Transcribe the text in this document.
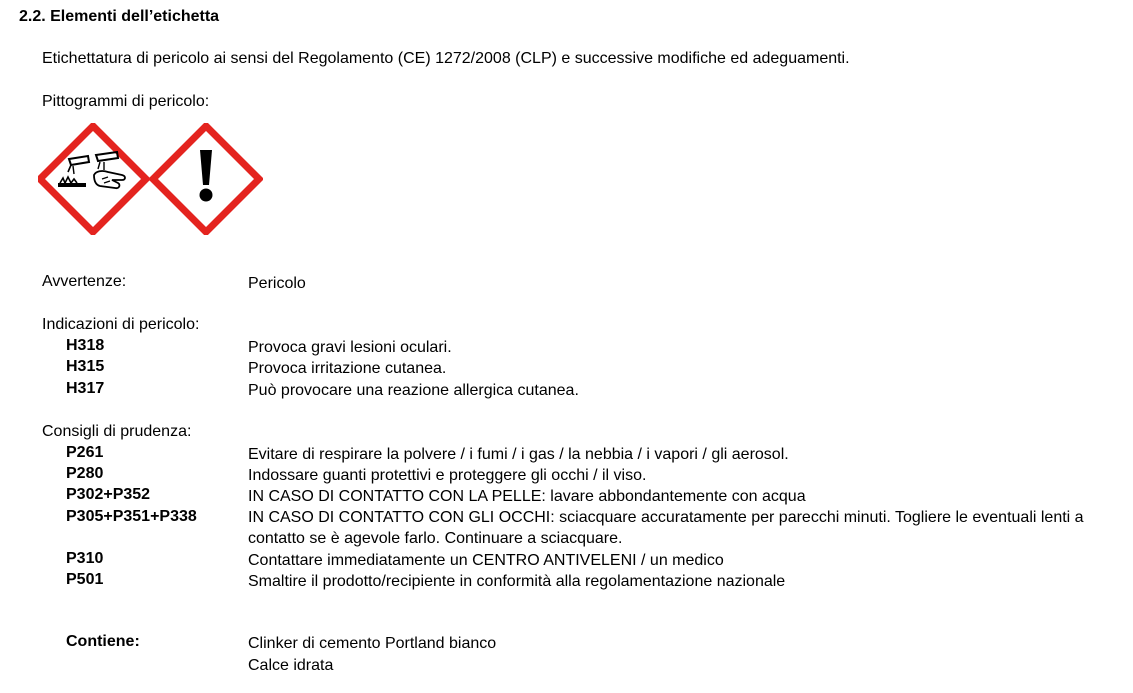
2.2. Elementi dell’etichetta
Etichettatura di pericolo ai sensi del Regolamento (CE) 1272/2008 (CLP) e successive modifiche ed adeguamenti.
Pittogrammi di pericolo:
Avvertenze:	Pericolo
Indicazioni di pericolo:
H318	Provoca gravi lesioni oculari.
H315	Provoca irritazione cutanea.
H317	Può provocare una reazione allergica cutanea.
Consigli di prudenza:
P261	Evitare di respirare la polvere / i fumi / i gas / la nebbia / i vapori / gli aerosol.
P280	Indossare guanti protettivi e proteggere gli occhi / il viso.
P302+P352	IN CASO DI CONTATTO CON LA PELLE: lavare abbondantemente con acqua
P305+P351+P338	IN CASO DI CONTATTO CON GLI OCCHI: sciacquare accuratamente per parecchi minuti. Togliere le eventuali lenti a contatto se è agevole farlo. Continuare a sciacquare.
P310	Contattare immediatamente un CENTRO ANTIVELENI / un medico
P501	Smaltire il prodotto/recipiente in conformità alla regolamentazione nazionale
Contiene:	Clinker di cemento Portland bianco
Calce idrata
